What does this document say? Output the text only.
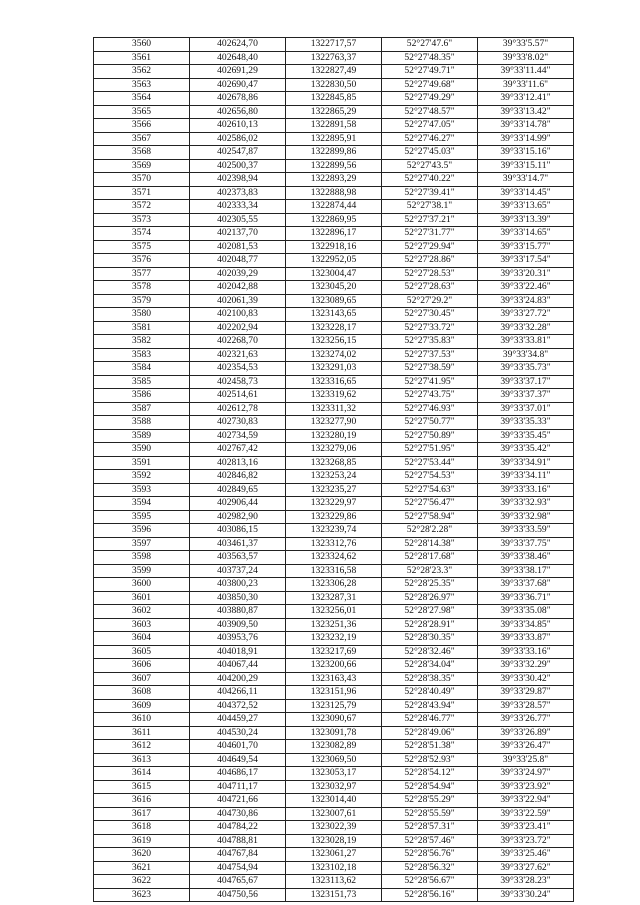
3560	402624,70	1322717,57	52°27'47.6"	39°33'5.57"
3561	402648,40	1322763,37	52°27'48.35"	39°33'8.02"
3562	402691,29	1322827,49	52°27'49.71"	39°33'11.44"
3563	402690,47	1322830,50	52°27'49.68"	39°33'11.6"
3564	402678,86	1322845,85	52°27'49.29"	39°33'12.41"
3565	402656,80	1322865,29	52°27'48.57"	39°33'13.42"
3566	402610,13	1322891,58	52°27'47.05"	39°33'14.78"
3567	402586,02	1322895,91	52°27'46.27"	39°33'14.99"
3568	402547,87	1322899,86	52°27'45.03"	39°33'15.16"
3569	402500,37	1322899,56	52°27'43.5"	39°33'15.11"
3570	402398,94	1322893,29	52°27'40.22"	39°33'14.7"
3571	402373,83	1322888,98	52°27'39.41"	39°33'14.45"
3572	402333,34	1322874,44	52°27'38.1"	39°33'13.65"
3573	402305,55	1322869,95	52°27'37.21"	39°33'13.39"
3574	402137,70	1322896,17	52°27'31.77"	39°33'14.65"
3575	402081,53	1322918,16	52°27'29.94"	39°33'15.77"
3576	402048,77	1322952,05	52°27'28.86"	39°33'17.54"
3577	402039,29	1323004,47	52°27'28.53"	39°33'20.31"
3578	402042,88	1323045,20	52°27'28.63"	39°33'22.46"
3579	402061,39	1323089,65	52°27'29.2"	39°33'24.83"
3580	402100,83	1323143,65	52°27'30.45"	39°33'27.72"
3581	402202,94	1323228,17	52°27'33.72"	39°33'32.28"
3582	402268,70	1323256,15	52°27'35.83"	39°33'33.81"
3583	402321,63	1323274,02	52°27'37.53"	39°33'34.8"
3584	402354,53	1323291,03	52°27'38.59"	39°33'35.73"
3585	402458,73	1323316,65	52°27'41.95"	39°33'37.17"
3586	402514,61	1323319,62	52°27'43.75"	39°33'37.37"
3587	402612,78	1323311,32	52°27'46.93"	39°33'37.01"
3588	402730,83	1323277,90	52°27'50.77"	39°33'35.33"
3589	402734,59	1323280,19	52°27'50.89"	39°33'35.45"
3590	402767,42	1323279,06	52°27'51.95"	39°33'35.42"
3591	402813,16	1323268,85	52°27'53.44"	39°33'34.91"
3592	402846,82	1323253,24	52°27'54.53"	39°33'34.11"
3593	402849,65	1323235,27	52°27'54.63"	39°33'33.16"
3594	402906,44	1323229,97	52°27'56.47"	39°33'32.93"
3595	402982,90	1323229,86	52°27'58.94"	39°33'32.98"
3596	403086,15	1323239,74	52°28'2.28"	39°33'33.59"
3597	403461,37	1323312,76	52°28'14.38"	39°33'37.75"
3598	403563,57	1323324,62	52°28'17.68"	39°33'38.46"
3599	403737,24	1323316,58	52°28'23.3"	39°33'38.17"
3600	403800,23	1323306,28	52°28'25.35"	39°33'37.68"
3601	403850,30	1323287,31	52°28'26.97"	39°33'36.71"
3602	403880,87	1323256,01	52°28'27.98"	39°33'35.08"
3603	403909,50	1323251,36	52°28'28.91"	39°33'34.85"
3604	403953,76	1323232,19	52°28'30.35"	39°33'33.87"
3605	404018,91	1323217,69	52°28'32.46"	39°33'33.16"
3606	404067,44	1323200,66	52°28'34.04"	39°33'32.29"
3607	404200,29	1323163,43	52°28'38.35"	39°33'30.42"
3608	404266,11	1323151,96	52°28'40.49"	39°33'29.87"
3609	404372,52	1323125,79	52°28'43.94"	39°33'28.57"
3610	404459,27	1323090,67	52°28'46.77"	39°33'26.77"
3611	404530,24	1323091,78	52°28'49.06"	39°33'26.89"
3612	404601,70	1323082,89	52°28'51.38"	39°33'26.47"
3613	404649,54	1323069,50	52°28'52.93"	39°33'25.8"
3614	404686,17	1323053,17	52°28'54.12"	39°33'24.97"
3615	404711,17	1323032,97	52°28'54.94"	39°33'23.92"
3616	404721,66	1323014,40	52°28'55.29"	39°33'22.94"
3617	404730,86	1323007,61	52°28'55.59"	39°33'22.59"
3618	404784,22	1323022,39	52°28'57.31"	39°33'23.41"
3619	404788,81	1323028,19	52°28'57.46"	39°33'23.72"
3620	404767,84	1323061,27	52°28'56.76"	39°33'25.46"
3621	404754,94	1323102,18	52°28'56.32"	39°33'27.62"
3622	404765,67	1323113,62	52°28'56.67"	39°33'28.23"
3623	404750,56	1323151,73	52°28'56.16"	39°33'30.24"
